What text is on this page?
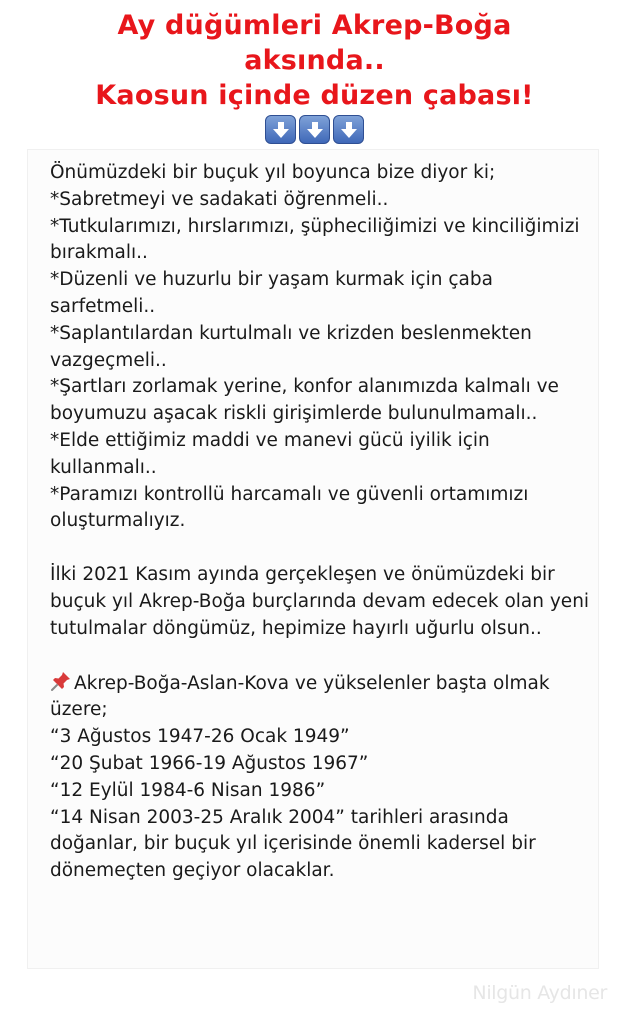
Ay düğümleri Akrep-Boğa
aksında..
Kaosun içinde düzen çabası!

Önümüzdeki bir buçuk yıl boyunca bize diyor ki;

*Sabretmeyi ve sadakati öğrenmeli..

*Tutkularımızı, hırslarımızı, şüpheciliğimizi ve kinciliğimizi bırakmalı..

*Düzenli ve huzurlu bir yaşam kurmak için çaba sarfetmeli..

*Saplantılardan kurtulmalı ve krizden beslenmekten vazgeçmeli..

*Şartları zorlamak yerine, konfor alanımızda kalmalı ve boyumuzu aşacak riskli girişimlerde bulunulmamalı..

*Elde ettiğimiz maddi ve manevi gücü iyilik için kullanmalı..

*Paramızı kontrollü harcamalı ve güvenli ortamımızı oluşturmalıyız.

İlki 2021 Kasım ayında gerçekleşen ve önümüzdeki bir buçuk yıl Akrep-Boğa burçlarında devam edecek olan yeni tutulmalar döngümüz, hepimize hayırlı uğurlu olsun..

Akrep-Boğa-Aslan-Kova ve yükselenler başta olmak üzere;

“3 Ağustos 1947-26 Ocak 1949”

“20 Şubat 1966-19 Ağustos 1967”

“12 Eylül 1984-6 Nisan 1986”

“14 Nisan 2003-25 Aralık 2004” tarihleri arasında doğanlar, bir buçuk yıl içerisinde önemli kadersel bir dönemeçten geçiyor olacaklar.

Nilgün Aydıner
